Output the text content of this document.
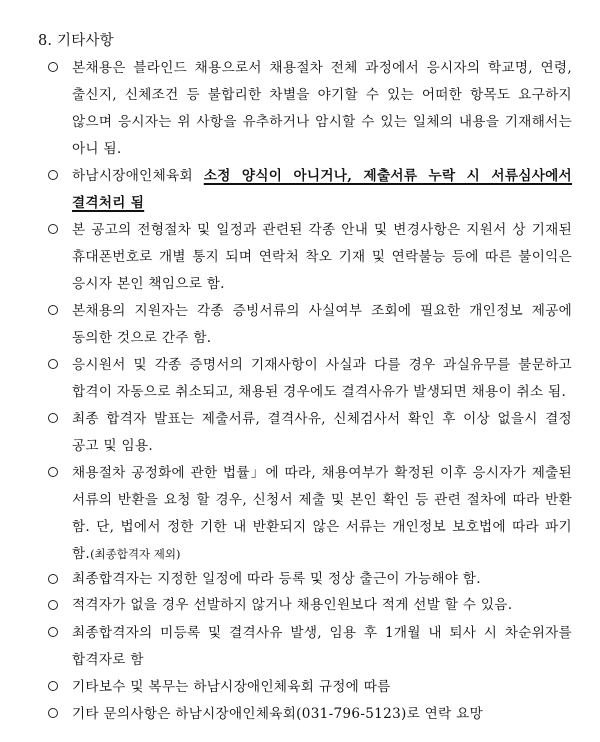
8. 기타사항
본채용은 블라인드 채용으로서 채용절차 전체 과정에서 응시자의 학교명, 연령, 출신지, 신체조건 등 불합리한 차별을 야기할 수 있는 어떠한 항목도 요구하지 않으며 응시자는 위 사항을 유추하거나 암시할 수 있는 일체의 내용을 기재해서는 아니 됨.
하남시장애인체육회 소정 양식이 아니거나, 제출서류 누락 시 서류심사에서 결격처리 됨
본 공고의 전형절차 및 일정과 관련된 각종 안내 및 변경사항은 지원서 상 기재된 휴대폰번호로 개별 통지 되며 연락처 착오 기재 및 연락불능 등에 따른 불이익은 응시자 본인 책임으로 함.
본채용의 지원자는 각종 증빙서류의 사실여부 조회에 필요한 개인정보 제공에 동의한 것으로 간주 함.
응시원서 및 각종 증명서의 기재사항이 사실과 다를 경우 과실유무를 불문하고 합격이 자동으로 취소되고, 채용된 경우에도 결격사유가 발생되면 채용이 취소 됨.
최종 합격자 발표는 제출서류, 결격사유, 신체검사서 확인 후 이상 없을시 결정 공고 및 임용.
채용절차 공정화에 관한 법률」에 따라, 채용여부가 확정된 이후 응시자가 제출된 서류의 반환을 요청 할 경우, 신청서 제출 및 본인 확인 등 관련 절차에 따라 반환 함. 단, 법에서 정한 기한 내 반환되지 않은 서류는 개인정보 보호법에 따라 파기 함.(최종합격자 제외)
최종합격자는 지정한 일정에 따라 등록 및 정상 출근이 가능해야 함.
적격자가 없을 경우 선발하지 않거나 채용인원보다 적게 선발 할 수 있음.
최종합격자의 미등록 및 결격사유 발생, 임용 후 1개월 내 퇴사 시 차순위자를 합격자로 함
기타보수 및 복무는 하남시장애인체육회 규정에 따름
기타 문의사항은 하남시장애인체육회(031-796-5123)로 연락 요망
